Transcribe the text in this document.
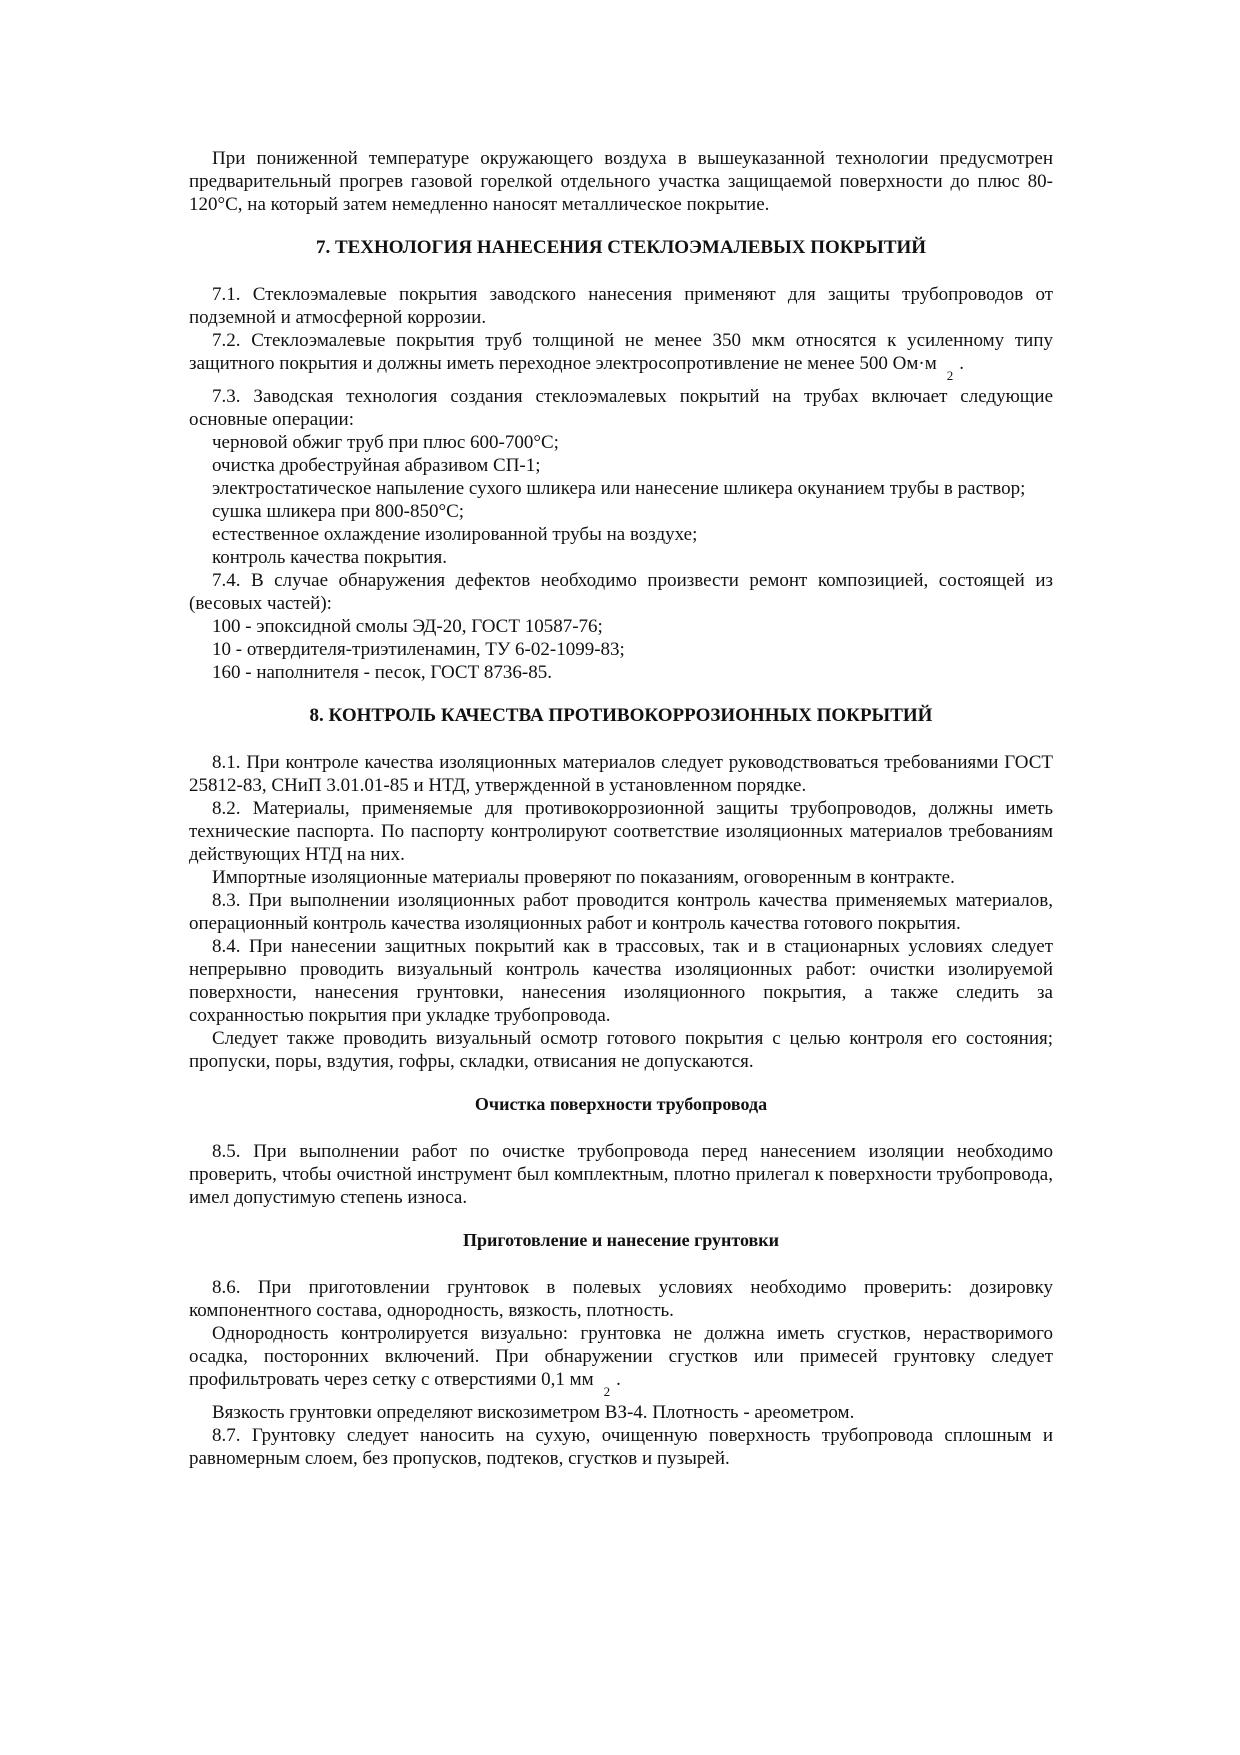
При пониженной температуре окружающего воздуха в вышеуказанной технологии предусмотрен предварительный прогрев газовой горелкой отдельного участка защищаемой поверхности до плюс 80-120°С, на который затем немедленно наносят металлическое покрытие.

7. ТЕХНОЛОГИЯ НАНЕСЕНИЯ СТЕКЛОЭМАЛЕВЫХ ПОКРЫТИЙ

7.1. Стеклоэмалевые покрытия заводского нанесения применяют для защиты трубопроводов от подземной и атмосферной коррозии.

7.2. Стеклоэмалевые покрытия труб толщиной не менее 350 мкм относятся к усиленному типу защитного покрытия и должны иметь переходное электросопротивление не менее 500 $Ом\cdot м_2$.

7.3. Заводская технология создания стеклоэмалевых покрытий на трубах включает следующие основные операции:

черновой обжиг труб при плюс 600-700°С;

очистка дробеструйная абразивом СП-1;

электростатическое напыление сухого шликера или нанесение шликера окунанием трубы в раствор;

сушка шликера при 800-850°С;

естественное охлаждение изолированной трубы на воздухе;

контроль качества покрытия.

7.4. В случае обнаружения дефектов необходимо произвести ремонт композицией, состоящей из (весовых частей):

100 - эпоксидной смолы ЭД-20, ГОСТ 10587-76;

10 - отвердителя-триэтиленамин, ТУ 6-02-1099-83;

160 - наполнителя - песок, ГОСТ 8736-85.

8. КОНТРОЛЬ КАЧЕСТВА ПРОТИВОКОРРОЗИОННЫХ ПОКРЫТИЙ

8.1. При контроле качества изоляционных материалов следует руководствоваться требованиями ГОСТ 25812-83, СНиП 3.01.01-85 и НТД, утвержденной в установленном порядке.

8.2. Материалы, применяемые для противокоррозионной защиты трубопроводов, должны иметь технические паспорта. По паспорту контролируют соответствие изоляционных материалов требованиям действующих НТД на них.

Импортные изоляционные материалы проверяют по показаниям, оговоренным в контракте.

8.3. При выполнении изоляционных работ проводится контроль качества применяемых материалов, операционный контроль качества изоляционных работ и контроль качества готового покрытия.

8.4. При нанесении защитных покрытий как в трассовых, так и в стационарных условиях следует непрерывно проводить визуальный контроль качества изоляционных работ: очистки изолируемой поверхности, нанесения грунтовки, нанесения изоляционного покрытия, а также следить за сохранностью покрытия при укладке трубопровода.

Следует также проводить визуальный осмотр готового покрытия с целью контроля его состояния; пропуски, поры, вздутия, гофры, складки, отвисания не допускаются.

Очистка поверхности трубопровода

8.5. При выполнении работ по очистке трубопровода перед нанесением изоляции необходимо проверить, чтобы очистной инструмент был комплектным, плотно прилегал к поверхности трубопровода, имел допустимую степень износа.

Приготовление и нанесение грунтовки

8.6. При приготовлении грунтовок в полевых условиях необходимо проверить: дозировку компонентного состава, однородность, вязкость, плотность.

Однородность контролируется визуально: грунтовка не должна иметь сгустков, нерастворимого осадка, посторонних включений. При обнаружении сгустков или примесей грунтовку следует профильтровать через сетку с отверстиями 0,1 $мм_2$.

Вязкость грунтовки определяют вискозиметром ВЗ-4. Плотность - ареометром.

8.7. Грунтовку следует наносить на сухую, очищенную поверхность трубопровода сплошным и равномерным слоем, без пропусков, подтеков, сгустков и пузырей.
